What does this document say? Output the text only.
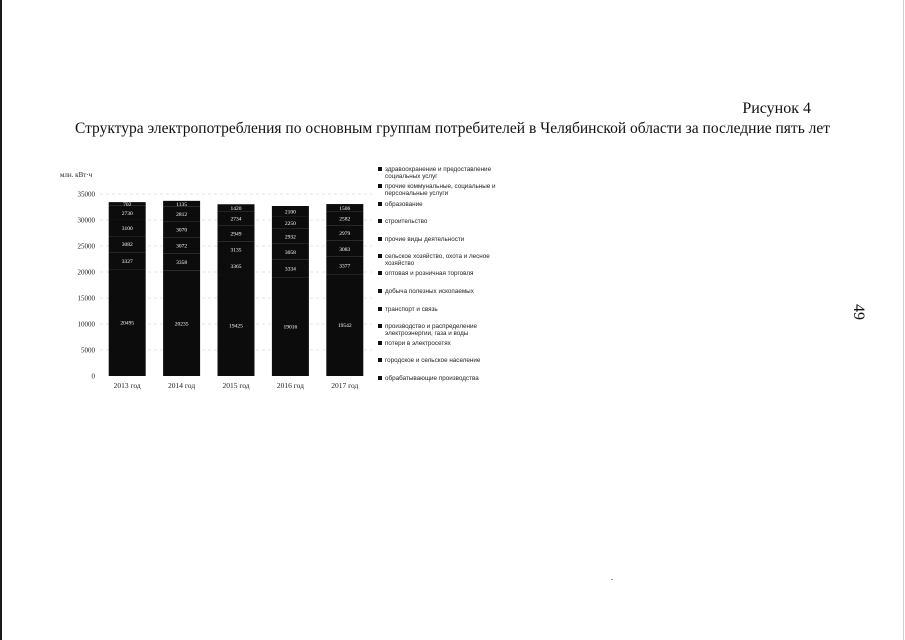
Рисунок 4
Структура электропотребления по основным группам потребителей в Челябинской области за последние пять лет
49
млн. кВт·ч
0
5000
10000
15000
20000
25000
30000
35000
20495
3327
3082
3100
2730
702
2013 год
20235
3358
3072
3070
2812
1135
2014 год
19425
3365
3135
2949
2734
1420
2015 год
19016
3334
3058
2932
2250
2100
2016 год
19542
3377
3083
2979
2582
1506
2017 год
здравоохранение и предоставление социальных услуг
прочие коммунальные, социальные и персональные услуги
образование
строительство
прочие виды деятельности
сельское хозяйство, охота и лесное хозяйство
оптовая и розничная торговля
добыча полезных ископаемых
транспорт и связь
производство и распределение электроэнергии, газа и воды
потери в электросетях
городское и сельское население
обрабатывающие производства
